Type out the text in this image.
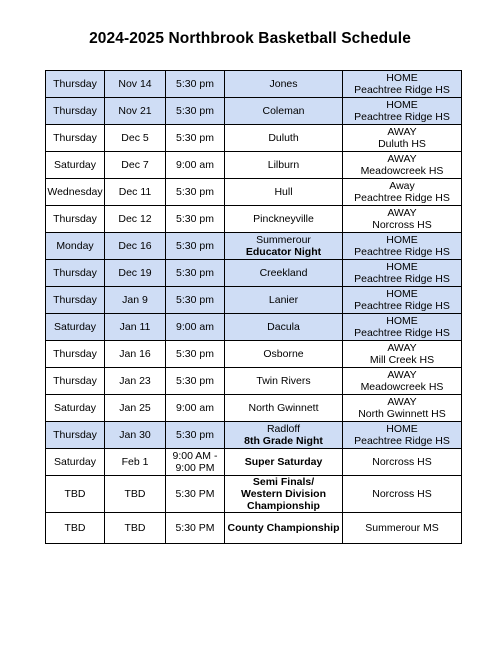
2024-2025 Northbrook Basketball Schedule
Thursday	Nov 14	5:30 pm	Jones	HOME
Peachtree Ridge HS

Thursday	Nov 21	5:30 pm	Coleman	HOME
Peachtree Ridge HS

Thursday	Dec 5	5:30 pm	Duluth	AWAY
Duluth HS

Saturday	Dec 7	9:00 am	Lilburn	AWAY
Meadowcreek HS

Wednesday	Dec 11	5:30 pm	Hull	Away
Peachtree Ridge HS

Thursday	Dec 12	5:30 pm	Pinckneyville	AWAY
Norcross HS

Monday	Dec 16	5:30 pm	Summerour
Educator Night	HOME
Peachtree Ridge HS

Thursday	Dec 19	5:30 pm	Creekland	HOME
Peachtree Ridge HS

Thursday	Jan 9	5:30 pm	Lanier	HOME
Peachtree Ridge HS

Saturday	Jan 11	9:00 am	Dacula	HOME
Peachtree Ridge HS

Thursday	Jan 16	5:30 pm	Osborne	AWAY
Mill Creek HS

Thursday	Jan 23	5:30 pm	Twin Rivers	AWAY
Meadowcreek HS

Saturday	Jan 25	9:00 am	North Gwinnett	AWAY
North Gwinnett HS

Thursday	Jan 30	5:30 pm	Radloff
8th Grade Night	HOME
Peachtree Ridge HS

Saturday	Feb 1	9:00 AM -
9:00 PM	Super Saturday	Norcross HS

TBD	TBD	5:30 PM	Semi Finals/
Western Division
Championship	Norcross HS

TBD	TBD	5:30 PM	County Championship	Summerour MS
